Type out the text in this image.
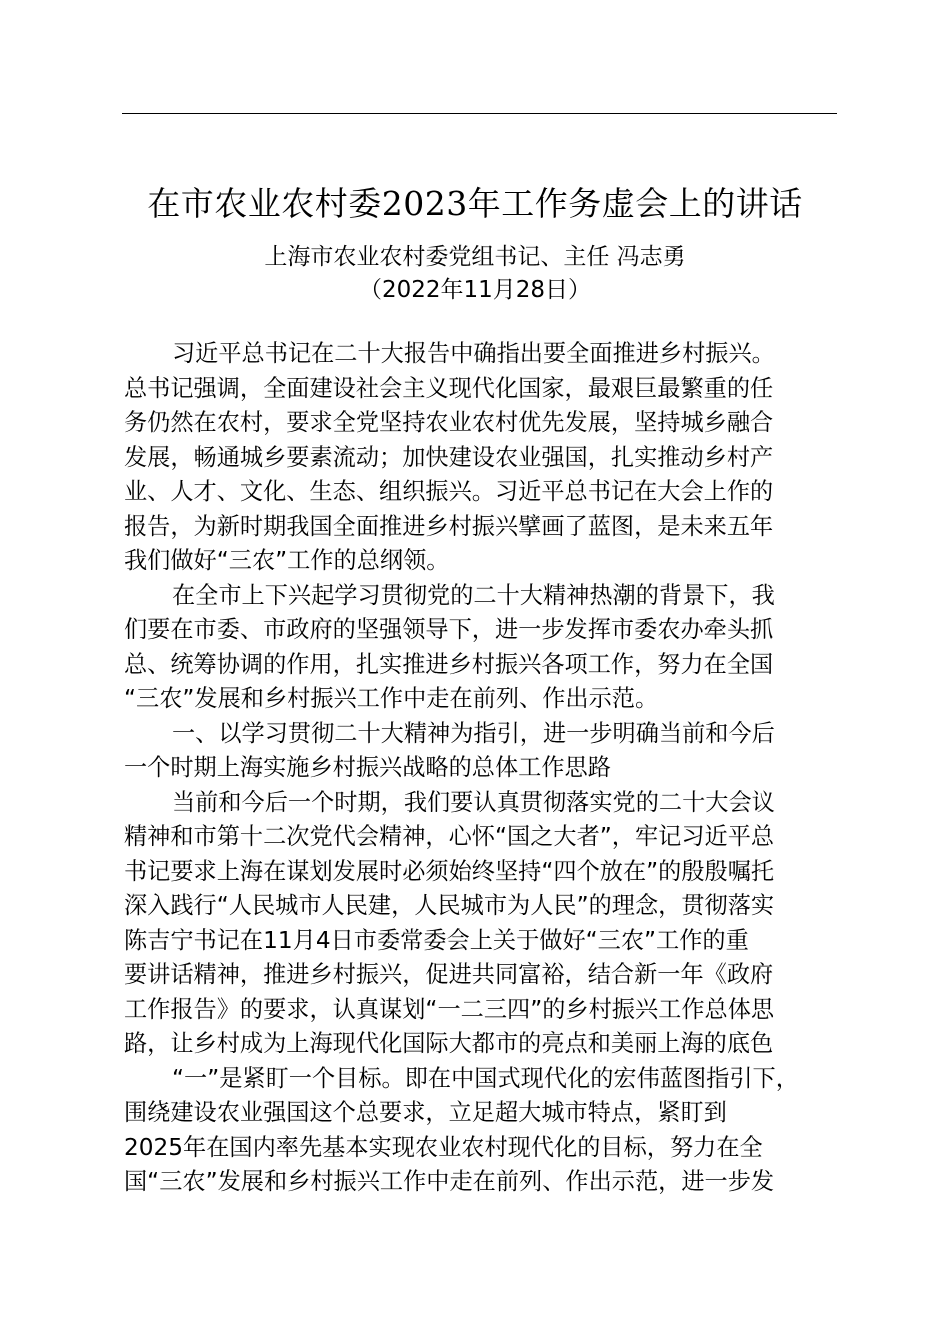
在市农业农村委2023年工作务虚会上的讲话
上海市农业农村委党组书记、主任 冯志勇
（2022年11月28日）
习近平总书记在二十大报告中确指出要全面推进乡村振兴。
总书记强调，全面建设社会主义现代化国家，最艰巨最繁重的任
务仍然在农村，要求全党坚持农业农村优先发展，坚持城乡融合
发展，畅通城乡要素流动；加快建设农业强国，扎实推动乡村产
业、人才、文化、生态、组织振兴。习近平总书记在大会上作的
报告，为新时期我国全面推进乡村振兴擘画了蓝图，是未来五年
我们做好“三农”工作的总纲领。
在全市上下兴起学习贯彻党的二十大精神热潮的背景下，我
们要在市委、市政府的坚强领导下，进一步发挥市委农办牵头抓
总、统筹协调的作用，扎实推进乡村振兴各项工作，努力在全国
“三农”发展和乡村振兴工作中走在前列、作出示范。
一、以学习贯彻二十大精神为指引，进一步明确当前和今后
一个时期上海实施乡村振兴战略的总体工作思路
当前和今后一个时期，我们要认真贯彻落实党的二十大会议
精神和市第十二次党代会精神，心怀“国之大者”，牢记习近平总
书记要求上海在谋划发展时必须始终坚持“四个放在”的殷殷嘱托
深入践行“人民城市人民建，人民城市为人民”的理念，贯彻落实
陈吉宁书记在11月4日市委常委会上关于做好“三农”工作的重
要讲话精神，推进乡村振兴，促进共同富裕，结合新一年《政府
工作报告》的要求，认真谋划“一二三四”的乡村振兴工作总体思
路，让乡村成为上海现代化国际大都市的亮点和美丽上海的底色
“一”是紧盯一个目标。即在中国式现代化的宏伟蓝图指引下，
围绕建设农业强国这个总要求，立足超大城市特点，紧盯到
2025年在国内率先基本实现农业农村现代化的目标，努力在全
国“三农”发展和乡村振兴工作中走在前列、作出示范，进一步发
